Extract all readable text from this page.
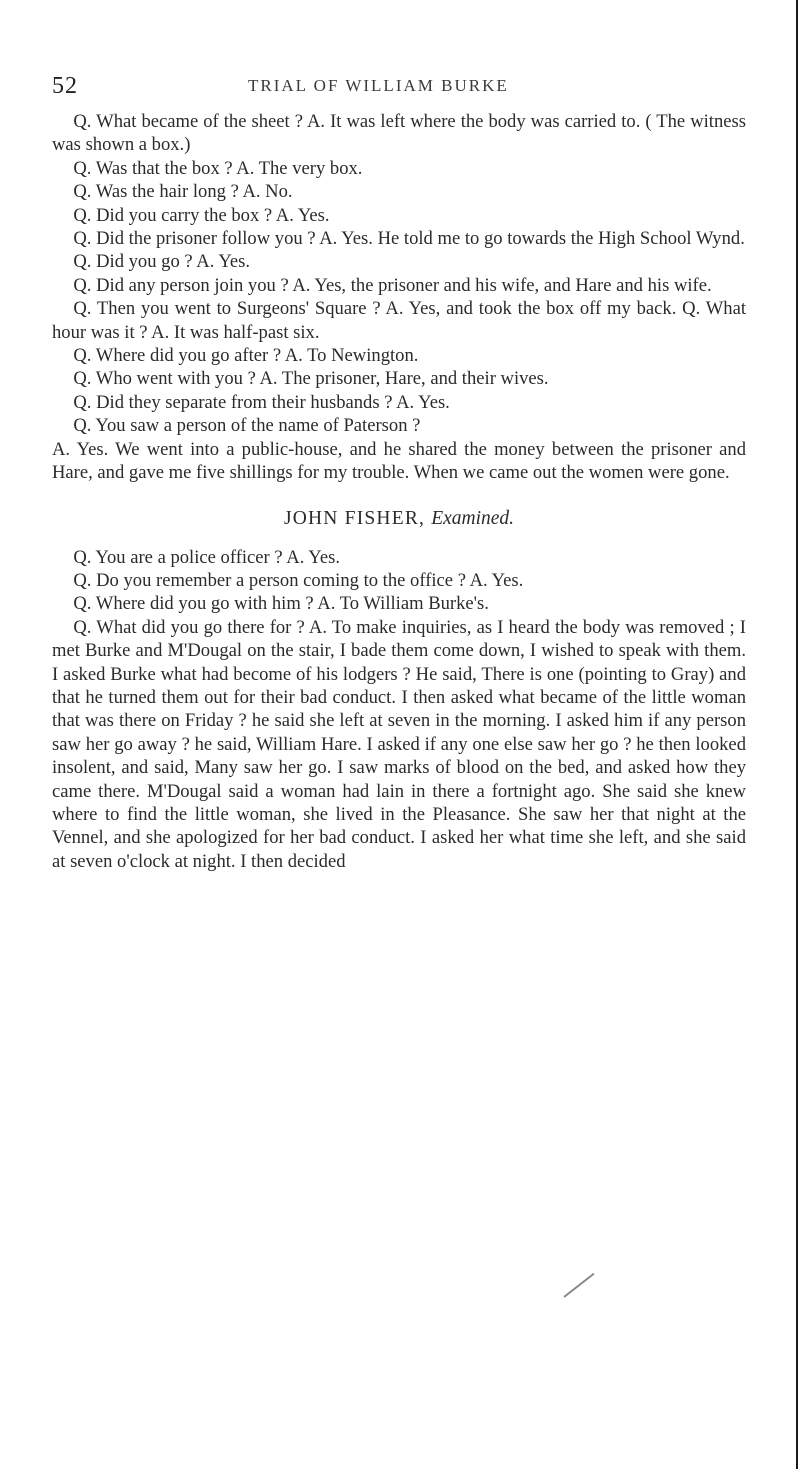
52	TRIAL OF WILLIAM BURKE

Q. What became of the sheet ? A. It was left where the body was carried to. ( The witness was shown a box.)

Q. Was that the box ? A. The very box.

Q. Was the hair long ? A. No.

Q. Did you carry the box ? A. Yes.

Q. Did the prisoner follow you ? A. Yes. He told me to go towards the High School Wynd.

Q. Did you go ? A. Yes.

Q. Did any person join you ? A. Yes, the prisoner and his wife, and Hare and his wife.

Q. Then you went to Surgeons' Square ? A. Yes, and took the box off my back. Q. What hour was it ? A. It was half-past six.

Q. Where did you go after ? A. To Newington.

Q. Who went with you ? A. The prisoner, Hare, and their wives.

Q. Did they separate from their husbands ? A. Yes.

Q. You saw a person of the name of Paterson ?

A. Yes. We went into a public-house, and he shared the money between the prisoner and Hare, and gave me five shillings for my trouble. When we came out the women were gone.

JOHN FISHER, Examined.

Q. You are a police officer ? A. Yes.

Q. Do you remember a person coming to the office ? A. Yes.

Q. Where did you go with him ? A. To William Burke's.

Q. What did you go there for ? A. To make inquiries, as I heard the body was removed ; I met Burke and M'Dougal on the stair, I bade them come down, I wished to speak with them. I asked Burke what had become of his lodgers ? He said, There is one (pointing to Gray) and that he turned them out for their bad conduct. I then asked what became of the little woman that was there on Friday ? he said she left at seven in the morning. I asked him if any person saw her go away ? he said, William Hare. I asked if any one else saw her go ? he then looked insolent, and said, Many saw her go. I saw marks of blood on the bed, and asked how they came there. M'Dougal said a woman had lain in there a fortnight ago. She said she knew where to find the little woman, she lived in the Pleasance. She saw her that night at the Vennel, and she apologized for her bad conduct. I asked her what time she left, and she said at seven o'clock at night. I then decided
